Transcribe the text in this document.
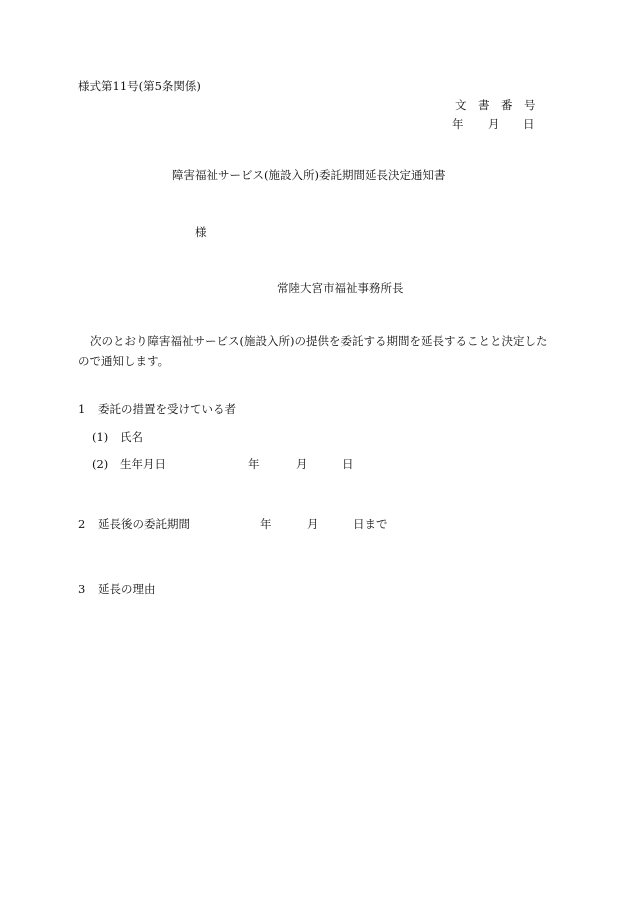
様式第11号(第5条関係)
文　書　番　号
年 月 日
障害福祉サービス(施設入所)委託期間延長決定通知書
様
常陸大宮市福祉事務所長
次のとおり障害福祉サービス(施設入所)の提供を委託する期間を延長することと決定したので通知します。
1 委託の措置を受けている者
(1) 氏名
(2) 生年月日	年	月	日
2 延長後の委託期間	年	月	日まで
3 延長の理由
